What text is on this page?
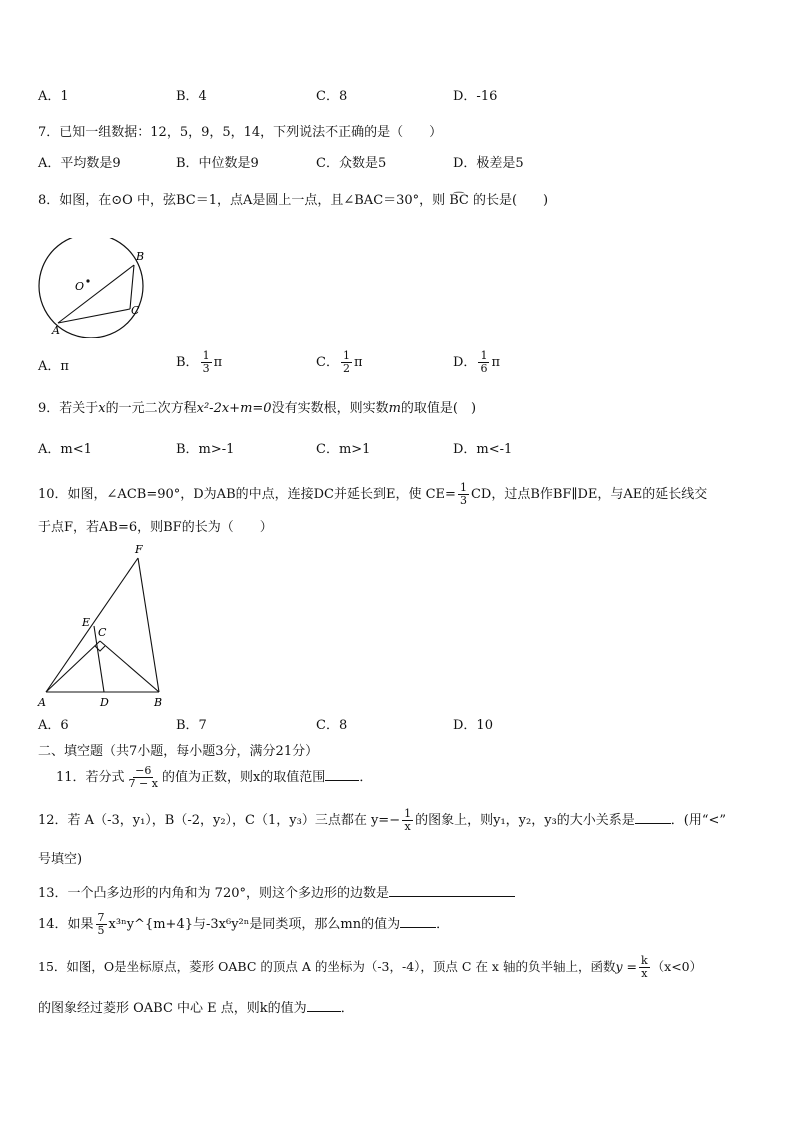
A．1	B．4	C．8	D．-16
7．已知一组数据：12，5，9，5，14，下列说法不正确的是（　　）
A．平均数是9	B．中位数是9	C．众数是5	D．极差是5
8．如图，在⊙O 中，弦BC＝1，点A是圆上一点，且∠BAC＝30°，则 B͡C 的长是(　　)
O
B
C
A
A．π	B． $\frac{1}{3}$ π	C． $\frac{1}{2}$ π	D． $\frac{1}{6}$ π
9．若关于x的一元二次方程x²-2x+m=0没有实数根，则实数m的取值是(　)
A．m<1	B．m>-1	C．m>1	D．m<-1
10．如图，∠ACB=90°，D为AB的中点，连接DC并延长到E，使 $CE= \frac{1}{3}$ CD，过点B作BF∥DE，与AE的延长线交
于点F，若AB=6，则BF的长为（　　）
F
E
C
A	D	B
A．6	B．7	C．8	D．10
二、填空题（共7小题，每小题3分，满分21分）
11．若分式 $\frac{-6}{7 - x}$ 的值为正数，则x的取值范围	．
12．若 A（-3，y₁），B（-2，y₂），C（1，y₃）三点都在 $y=- \frac{1}{x}$ 的图象上，则y₁，y₂，y₃的大小关系是	．(用“<”
号填空)
13．一个凸多边形的内角和为 720°，则这个多边形的边数是
14．如果 $\frac{7}{5}$ x³ⁿy^{m+4}与-3x⁶y²ⁿ是同类项，那么mn的值为	．
15．如图，O是坐标原点，菱形 OABC 的顶点 A 的坐标为（-3，-4），顶点 C 在 x 轴的负半轴上，函数$y = \frac{k}{x} (x<0)$
的图象经过菱形 OABC 中心 E 点，则k的值为	．
